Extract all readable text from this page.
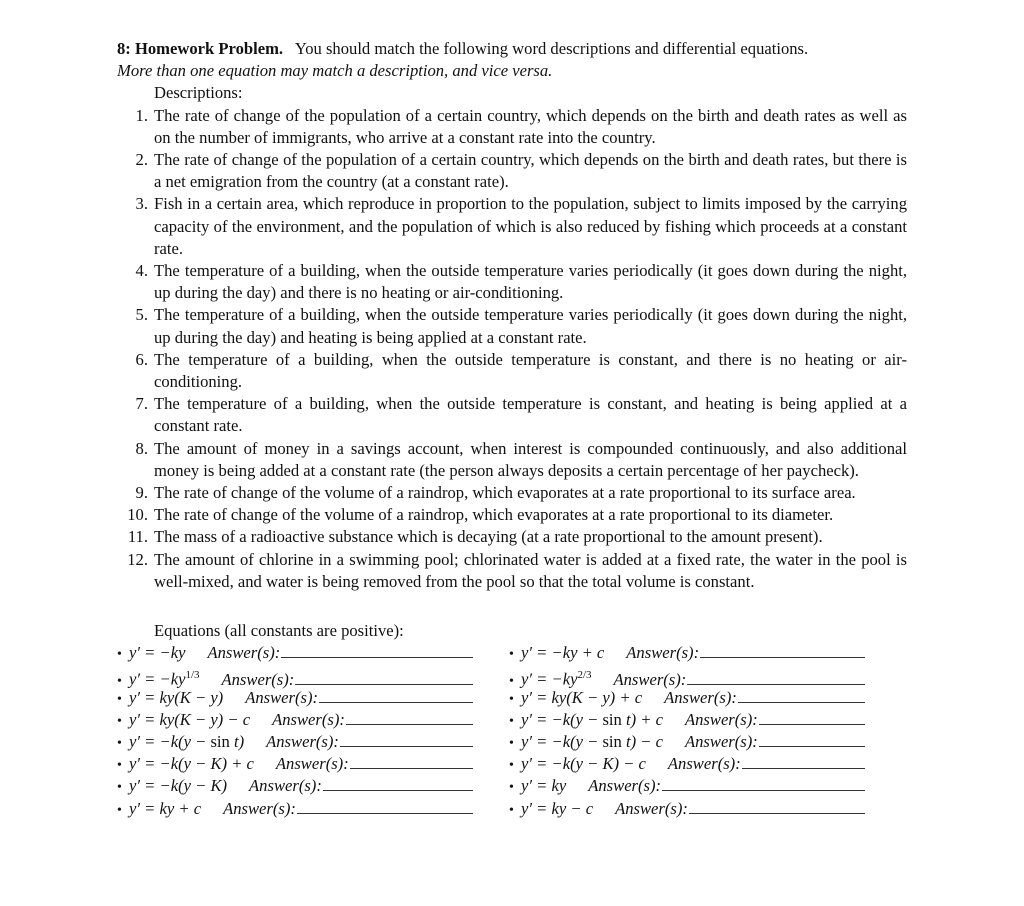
8: Homework Problem. You should match the following word descriptions and differential equations.
More than one equation may match a description, and vice versa.
Descriptions:
1. The rate of change of the population of a certain country, which depends on the birth and death rates as well as on the number of immigrants, who arrive at a constant rate into the country.
2. The rate of change of the population of a certain country, which depends on the birth and death rates, but there is a net emigration from the country (at a constant rate).
3. Fish in a certain area, which reproduce in proportion to the population, subject to limits imposed by the carrying capacity of the environment, and the population of which is also reduced by fishing which proceeds at a constant rate.
4. The temperature of a building, when the outside temperature varies periodically (it goes down during the night, up during the day) and there is no heating or air-conditioning.
5. The temperature of a building, when the outside temperature varies periodically (it goes down during the night, up during the day) and heating is being applied at a constant rate.
6. The temperature of a building, when the outside temperature is constant, and there is no heating or air-conditioning.
7. The temperature of a building, when the outside temperature is constant, and heating is being applied at a constant rate.
8. The amount of money in a savings account, when interest is compounded continuously, and also additional money is being added at a constant rate (the person always deposits a certain percentage of her paycheck).
9. The rate of change of the volume of a raindrop, which evaporates at a rate proportional to its surface area.
10. The rate of change of the volume of a raindrop, which evaporates at a rate proportional to its diameter.
11. The mass of a radioactive substance which is decaying (at a rate proportional to the amount present).
12. The amount of chlorine in a swimming pool; chlorinated water is added at a fixed rate, the water in the pool is well-mixed, and water is being removed from the pool so that the total volume is constant.
Equations (all constants are positive):
• y′ = −ky Answer(s):
• $y' = -ky^{1/3}$ Answer(s):
• y′ = ky(K − y) Answer(s):
• y′ = ky(K − y) − c Answer(s):
• y′ = −k(y − sin t) Answer(s):
• y′ = −k(y − K) + c Answer(s):
• y′ = −k(y − K) Answer(s):
• y′ = ky + c Answer(s):
• y′ = −ky + c Answer(s):
• $y' = -ky^{2/3}$ Answer(s):
• y′ = ky(K − y) + c Answer(s):
• y′ = −k(y − sin t) + c Answer(s):
• y′ = −k(y − sin t) − c Answer(s):
• y′ = −k(y − K) − c Answer(s):
• y′ = ky Answer(s):
• y′ = ky − c Answer(s):
